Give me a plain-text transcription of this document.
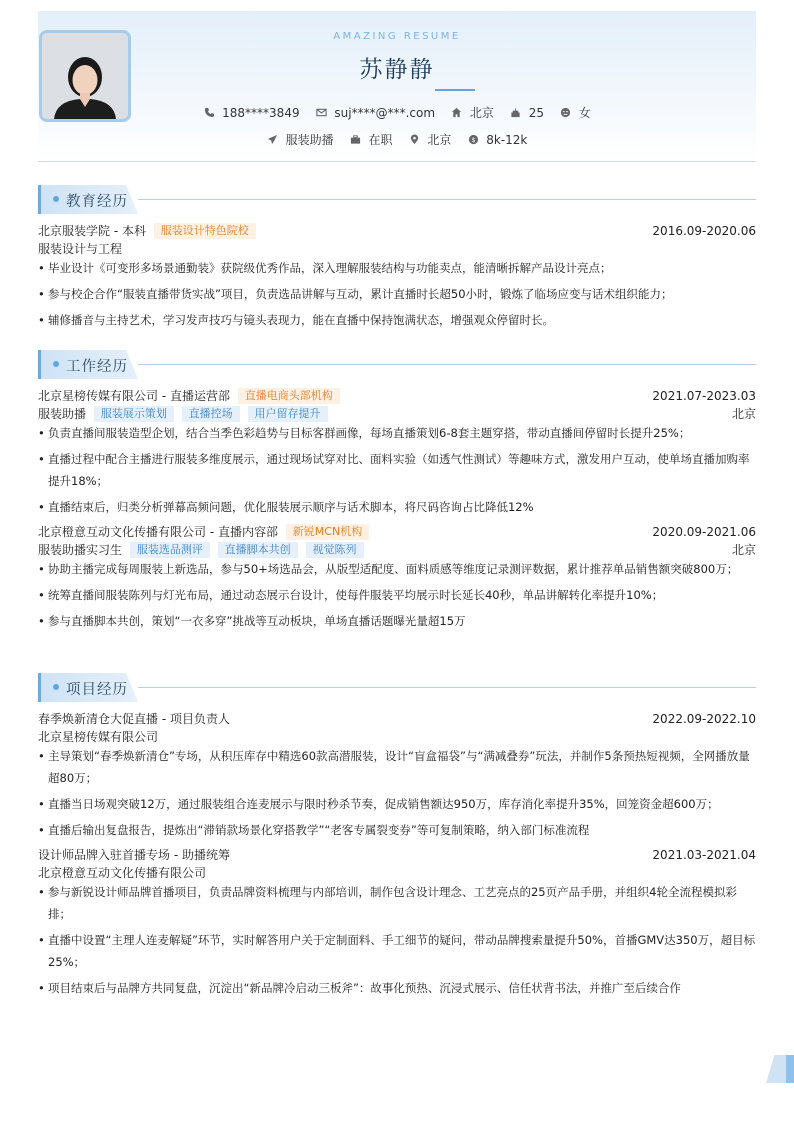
AMAZING RESUME
苏静静
188****3849
	suj****@***.com
	北京
	25
	女
服装助播
	在职
	北京
	$ 8k-12k
教育经历
北京服装学院 - 本科 服装设计特色院校	2016.09-2020.06
服装设计与工程
• 毕业设计《可变形多场景通勤装》获院级优秀作品，深入理解服装结构与功能卖点，能清晰拆解产品设计亮点；
• 参与校企合作“服装直播带货实战”项目，负责选品讲解与互动，累计直播时长超50小时，锻炼了临场应变与话术组织能力；
• 辅修播音与主持艺术，学习发声技巧与镜头表现力，能在直播中保持饱满状态，增强观众停留时长。
工作经历
北京星榜传媒有限公司 - 直播运营部 直播电商头部机构	2021.07-2023.03
服装助播 服装展示策划 直播控场 用户留存提升	北京
• 负责直播间服装造型企划，结合当季色彩趋势与目标客群画像，每场直播策划6-8套主题穿搭，带动直播间停留时长提升25%；
• 直播过程中配合主播进行服装多维度展示，通过现场试穿对比、面料实验（如透气性测试）等趣味方式，激发用户互动，使单场直播加购率提升18%；
• 直播结束后，归类分析弹幕高频问题，优化服装展示顺序与话术脚本，将尺码咨询占比降低12%
北京橙意互动文化传播有限公司 - 直播内容部 新锐MCN机构	2020.09-2021.06
服装助播实习生 服装选品测评 直播脚本共创 视觉陈列	北京
• 协助主播完成每周服装上新选品，参与50+场选品会，从版型适配度、面料质感等维度记录测评数据，累计推荐单品销售额突破800万；
• 统筹直播间服装陈列与灯光布局，通过动态展示台设计，使每件服装平均展示时长延长40秒，单品讲解转化率提升10%；
• 参与直播脚本共创，策划“一衣多穿”挑战等互动板块，单场直播话题曝光量超15万
项目经历
春季焕新清仓大促直播 - 项目负责人	2022.09-2022.10
北京星榜传媒有限公司
• 主导策划“春季焕新清仓”专场，从积压库存中精选60款高潜服装，设计“盲盒福袋”与“满减叠券”玩法，并制作5条预热短视频，全网播放量超80万；
• 直播当日场观突破12万，通过服装组合连麦展示与限时秒杀节奏，促成销售额达950万，库存消化率提升35%，回笼资金超600万；
• 直播后输出复盘报告，提炼出“滞销款场景化穿搭教学”“老客专属裂变券”等可复制策略，纳入部门标准流程
设计师品牌入驻首播专场 - 助播统筹	2021.03-2021.04
北京橙意互动文化传播有限公司
• 参与新锐设计师品牌首播项目，负责品牌资料梳理与内部培训，制作包含设计理念、工艺亮点的25页产品手册，并组织4轮全流程模拟彩排；
• 直播中设置“主理人连麦解疑”环节，实时解答用户关于定制面料、手工细节的疑问，带动品牌搜索量提升50%，首播GMV达350万，超目标25%；
• 项目结束后与品牌方共同复盘，沉淀出“新品牌冷启动三板斧”：故事化预热、沉浸式展示、信任状背书法，并推广至后续合作
